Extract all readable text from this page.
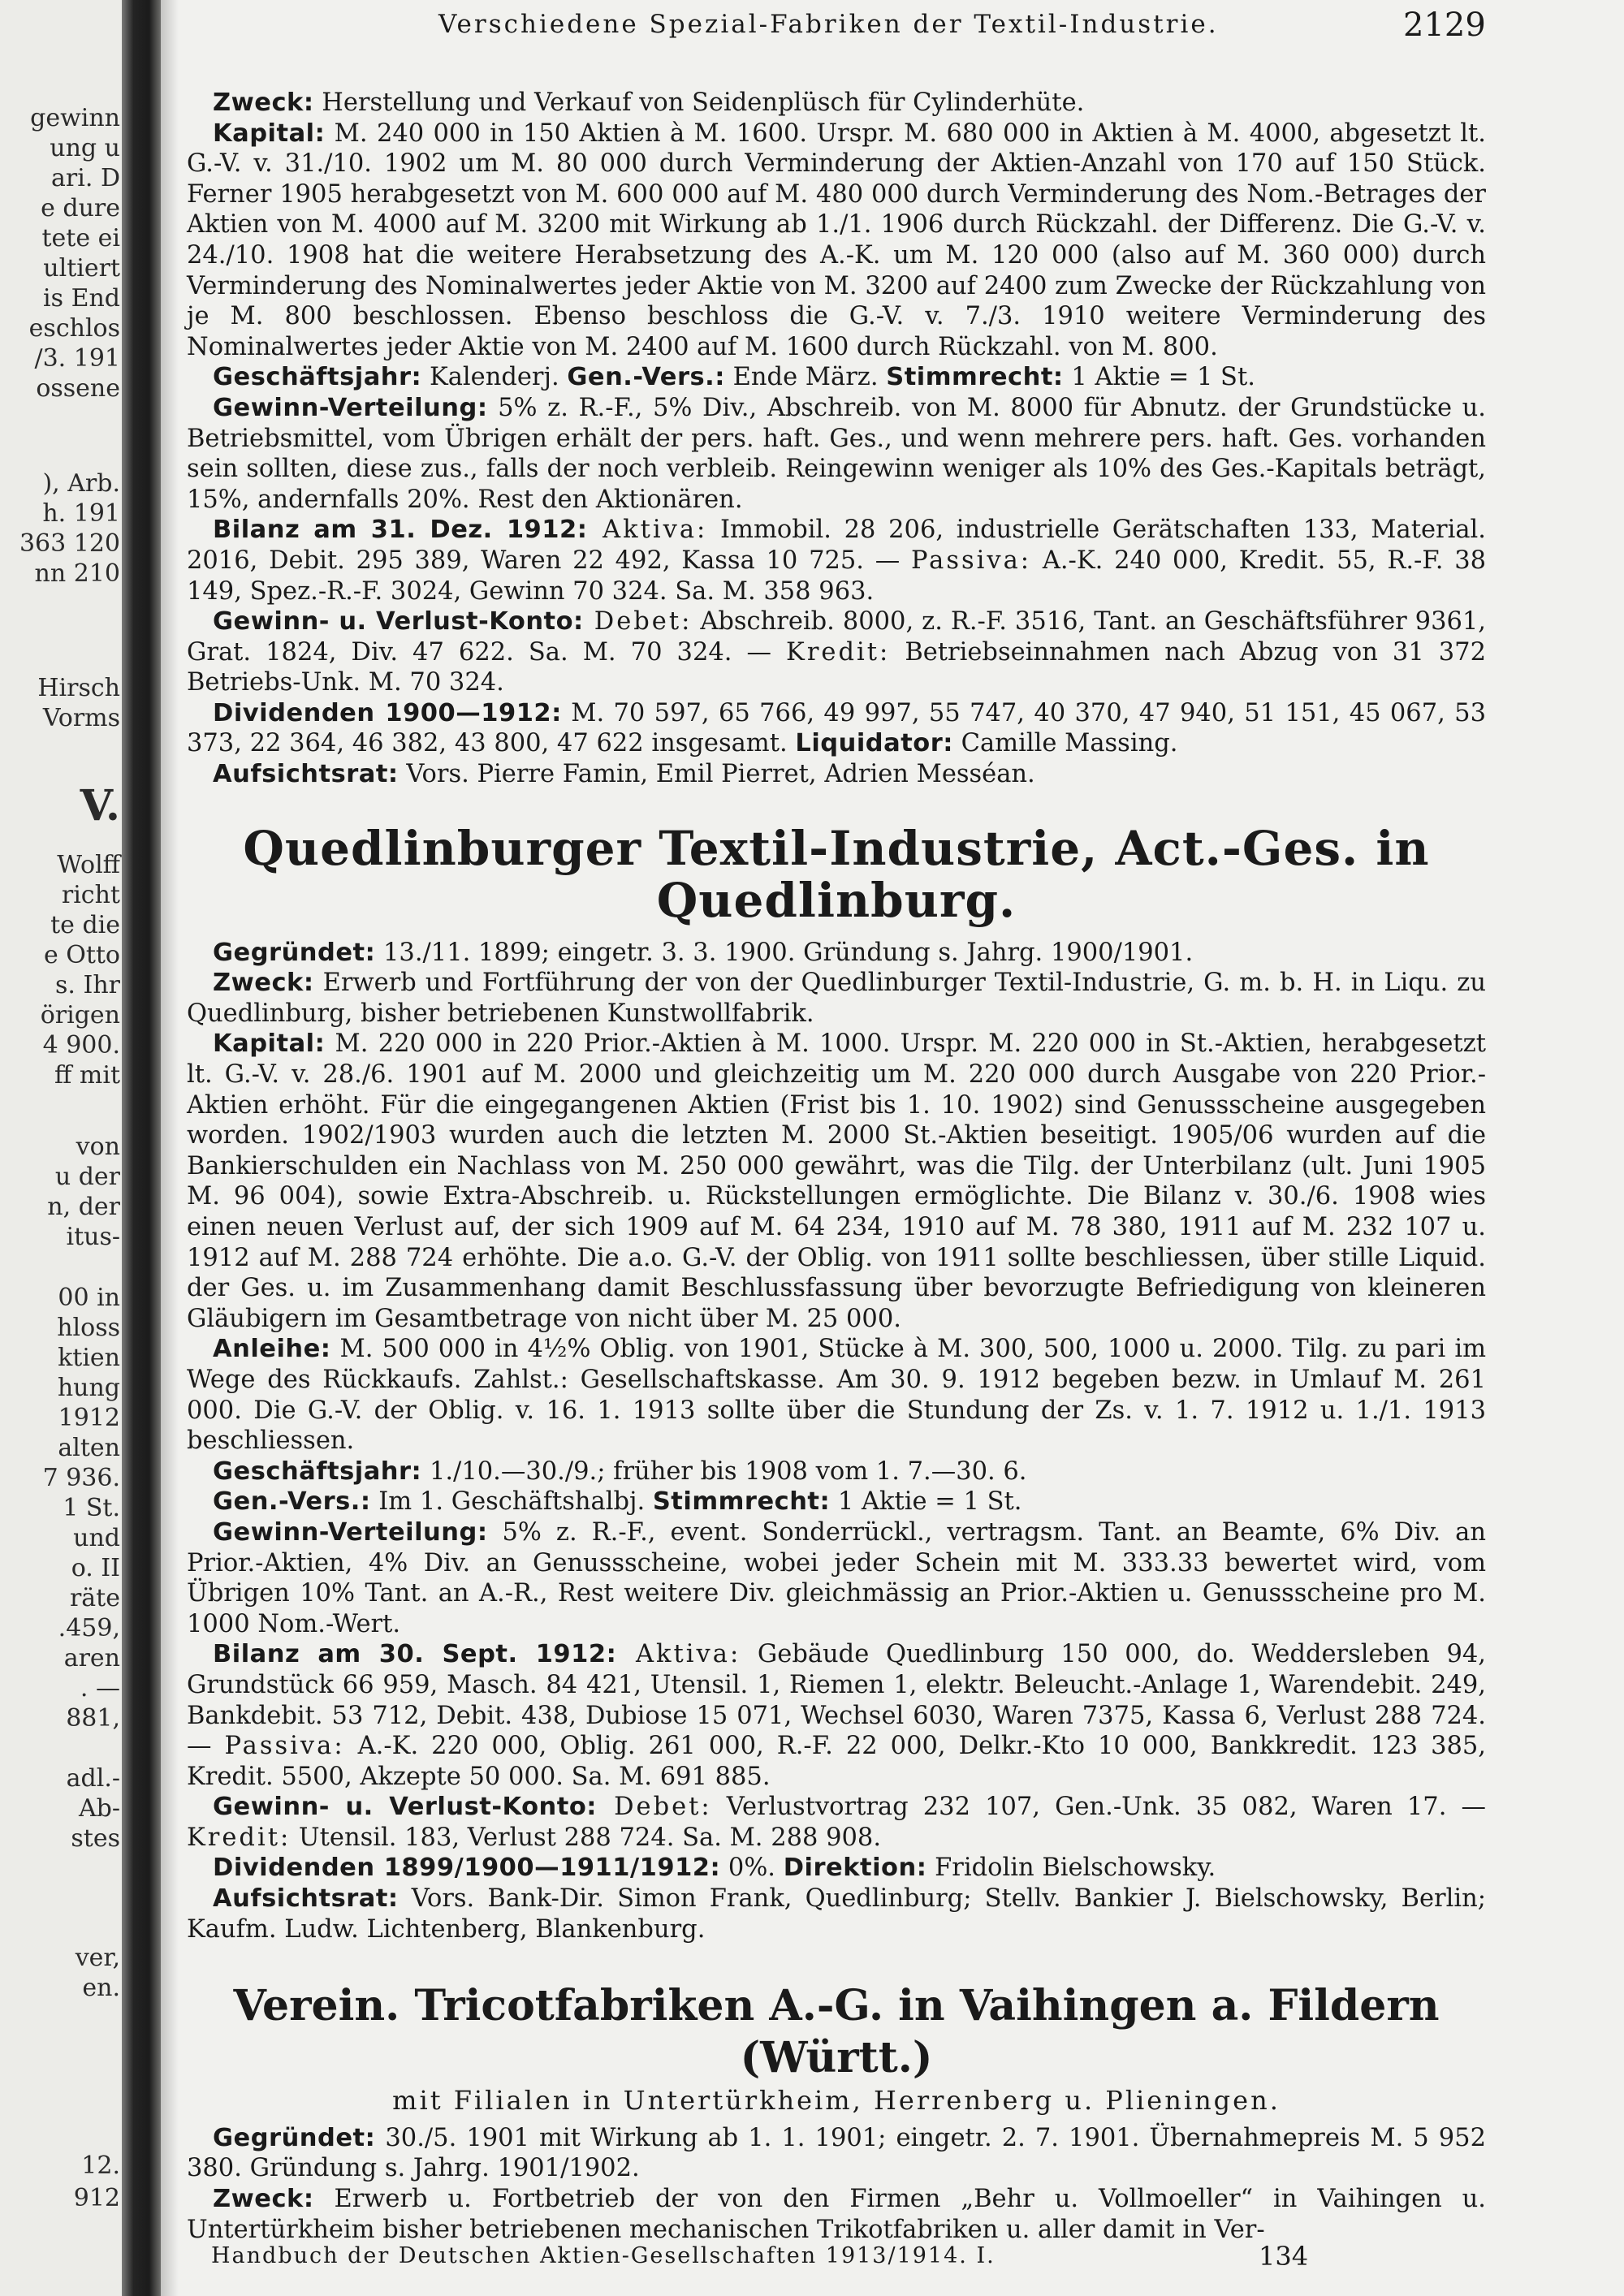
gewinn
ung u
ari. D
e dure
tete ei
ultiert
is End
eschlos
/3. 191
ossene
), Arb.
h. 191
363 120
nn 210
Hirsch
Vorms
V.
Wolff
richt
te die
e Otto
s. Ihr
örigen
4 900.
ff mit
von
u der
n, der
itus-
00 in
hloss
ktien
hung
1912
alten
7 936.
1 St.
und
o. II
räte
.459,
aren
. —
881,
adl.-
Ab-
stes
ver,
en.
12.
912
Verschiedene Spezial-Fabriken der Textil-Industrie.	2129

Zweck: Herstellung und Verkauf von Seidenplüsch für Cylinderhüte.

Kapital: M. 240 000 in 150 Aktien à M. 1600. Urspr. M. 680 000 in Aktien à M. 4000, abgesetzt lt. G.-V. v. 31./10. 1902 um M. 80 000 durch Verminderung der Aktien-Anzahl von 170 auf 150 Stück. Ferner 1905 herabgesetzt von M. 600 000 auf M. 480 000 durch Verminderung des Nom.-Betrages der Aktien von M. 4000 auf M. 3200 mit Wirkung ab 1./1. 1906 durch Rückzahl. der Differenz. Die G.-V. v. 24./10. 1908 hat die weitere Herabsetzung des A.-K. um M. 120 000 (also auf M. 360 000) durch Verminderung des Nominalwertes jeder Aktie von M. 3200 auf 2400 zum Zwecke der Rückzahlung von je M. 800 beschlossen. Ebenso beschloss die G.-V. v. 7./3. 1910 weitere Verminderung des Nominalwertes jeder Aktie von M. 2400 auf M. 1600 durch Rückzahl. von M. 800.

Geschäftsjahr: Kalenderj. Gen.-Vers.: Ende März. Stimmrecht: 1 Aktie = 1 St.

Gewinn-Verteilung: 5% z. R.-F., 5% Div., Abschreib. von M. 8000 für Abnutz. der Grundstücke u. Betriebsmittel, vom Übrigen erhält der pers. haft. Ges., und wenn mehrere pers. haft. Ges. vorhanden sein sollten, diese zus., falls der noch verbleib. Reingewinn weniger als 10% des Ges.-Kapitals beträgt, 15%, andernfalls 20%. Rest den Aktionären.

Bilanz am 31. Dez. 1912: Aktiva: Immobil. 28 206, industrielle Gerätschaften 133, Material. 2016, Debit. 295 389, Waren 22 492, Kassa 10 725. — Passiva: A.-K. 240 000, Kredit. 55, R.-F. 38 149, Spez.-R.-F. 3024, Gewinn 70 324. Sa. M. 358 963.

Gewinn- u. Verlust-Konto: Debet: Abschreib. 8000, z. R.-F. 3516, Tant. an Geschäftsführer 9361, Grat. 1824, Div. 47 622. Sa. M. 70 324. — Kredit: Betriebseinnahmen nach Abzug von 31 372 Betriebs-Unk. M. 70 324.

Dividenden 1900—1912: M. 70 597, 65 766, 49 997, 55 747, 40 370, 47 940, 51 151, 45 067, 53 373, 22 364, 46 382, 43 800, 47 622 insgesamt. Liquidator: Camille Massing.

Aufsichtsrat: Vors. Pierre Famin, Emil Pierret, Adrien Messéan.

Quedlinburger Textil-Industrie, Act.-Ges. in Quedlinburg.

Gegründet: 13./11. 1899; eingetr. 3. 3. 1900. Gründung s. Jahrg. 1900/1901.

Zweck: Erwerb und Fortführung der von der Quedlinburger Textil-Industrie, G. m. b. H. in Liqu. zu Quedlinburg, bisher betriebenen Kunstwollfabrik.

Kapital: M. 220 000 in 220 Prior.-Aktien à M. 1000. Urspr. M. 220 000 in St.-Aktien, herabgesetzt lt. G.-V. v. 28./6. 1901 auf M. 2000 und gleichzeitig um M. 220 000 durch Ausgabe von 220 Prior.-Aktien erhöht. Für die eingegangenen Aktien (Frist bis 1. 10. 1902) sind Genussscheine ausgegeben worden. 1902/1903 wurden auch die letzten M. 2000 St.-Aktien beseitigt. 1905/06 wurden auf die Bankierschulden ein Nachlass von M. 250 000 gewährt, was die Tilg. der Unterbilanz (ult. Juni 1905 M. 96 004), sowie Extra-Abschreib. u. Rückstellungen ermöglichte. Die Bilanz v. 30./6. 1908 wies einen neuen Verlust auf, der sich 1909 auf M. 64 234, 1910 auf M. 78 380, 1911 auf M. 232 107 u. 1912 auf M. 288 724 erhöhte. Die a.o. G.-V. der Oblig. von 1911 sollte beschliessen, über stille Liquid. der Ges. u. im Zusammenhang damit Beschlussfassung über bevorzugte Befriedigung von kleineren Gläubigern im Gesamtbetrage von nicht über M. 25 000.

Anleihe: M. 500 000 in 4½% Oblig. von 1901, Stücke à M. 300, 500, 1000 u. 2000. Tilg. zu pari im Wege des Rückkaufs. Zahlst.: Gesellschaftskasse. Am 30. 9. 1912 begeben bezw. in Umlauf M. 261 000. Die G.-V. der Oblig. v. 16. 1. 1913 sollte über die Stundung der Zs. v. 1. 7. 1912 u. 1./1. 1913 beschliessen.

Geschäftsjahr: 1./10.—30./9.; früher bis 1908 vom 1. 7.—30. 6.

Gen.-Vers.: Im 1. Geschäftshalbj. Stimmrecht: 1 Aktie = 1 St.

Gewinn-Verteilung: 5% z. R.-F., event. Sonderrückl., vertragsm. Tant. an Beamte, 6% Div. an Prior.-Aktien, 4% Div. an Genussscheine, wobei jeder Schein mit M. 333.33 bewertet wird, vom Übrigen 10% Tant. an A.-R., Rest weitere Div. gleichmässig an Prior.-Aktien u. Genussscheine pro M. 1000 Nom.-Wert.

Bilanz am 30. Sept. 1912: Aktiva: Gebäude Quedlinburg 150 000, do. Weddersleben 94, Grundstück 66 959, Masch. 84 421, Utensil. 1, Riemen 1, elektr. Beleucht.-Anlage 1, Warendebit. 249, Bankdebit. 53 712, Debit. 438, Dubiose 15 071, Wechsel 6030, Waren 7375, Kassa 6, Verlust 288 724. — Passiva: A.-K. 220 000, Oblig. 261 000, R.-F. 22 000, Delkr.-Kto 10 000, Bankkredit. 123 385, Kredit. 5500, Akzepte 50 000. Sa. M. 691 885.

Gewinn- u. Verlust-Konto: Debet: Verlustvortrag 232 107, Gen.-Unk. 35 082, Waren 17. — Kredit: Utensil. 183, Verlust 288 724. Sa. M. 288 908.

Dividenden 1899/1900—1911/1912: 0%. Direktion: Fridolin Bielschowsky.

Aufsichtsrat: Vors. Bank-Dir. Simon Frank, Quedlinburg; Stellv. Bankier J. Bielschowsky, Berlin; Kaufm. Ludw. Lichtenberg, Blankenburg.

Verein. Tricotfabriken A.-G. in Vaihingen a. Fildern (Württ.)
mit Filialen in Untertürkheim, Herrenberg u. Plieningen.

Gegründet: 30./5. 1901 mit Wirkung ab 1. 1. 1901; eingetr. 2. 7. 1901. Übernahmepreis M. 5 952 380. Gründung s. Jahrg. 1901/1902.

Zweck: Erwerb u. Fortbetrieb der von den Firmen „Behr u. Vollmoeller“ in Vaihingen u. Untertürkheim bisher betriebenen mechanischen Trikotfabriken u. aller damit in Ver-

Handbuch der Deutschen Aktien-Gesellschaften 1913/1914. I.	134
